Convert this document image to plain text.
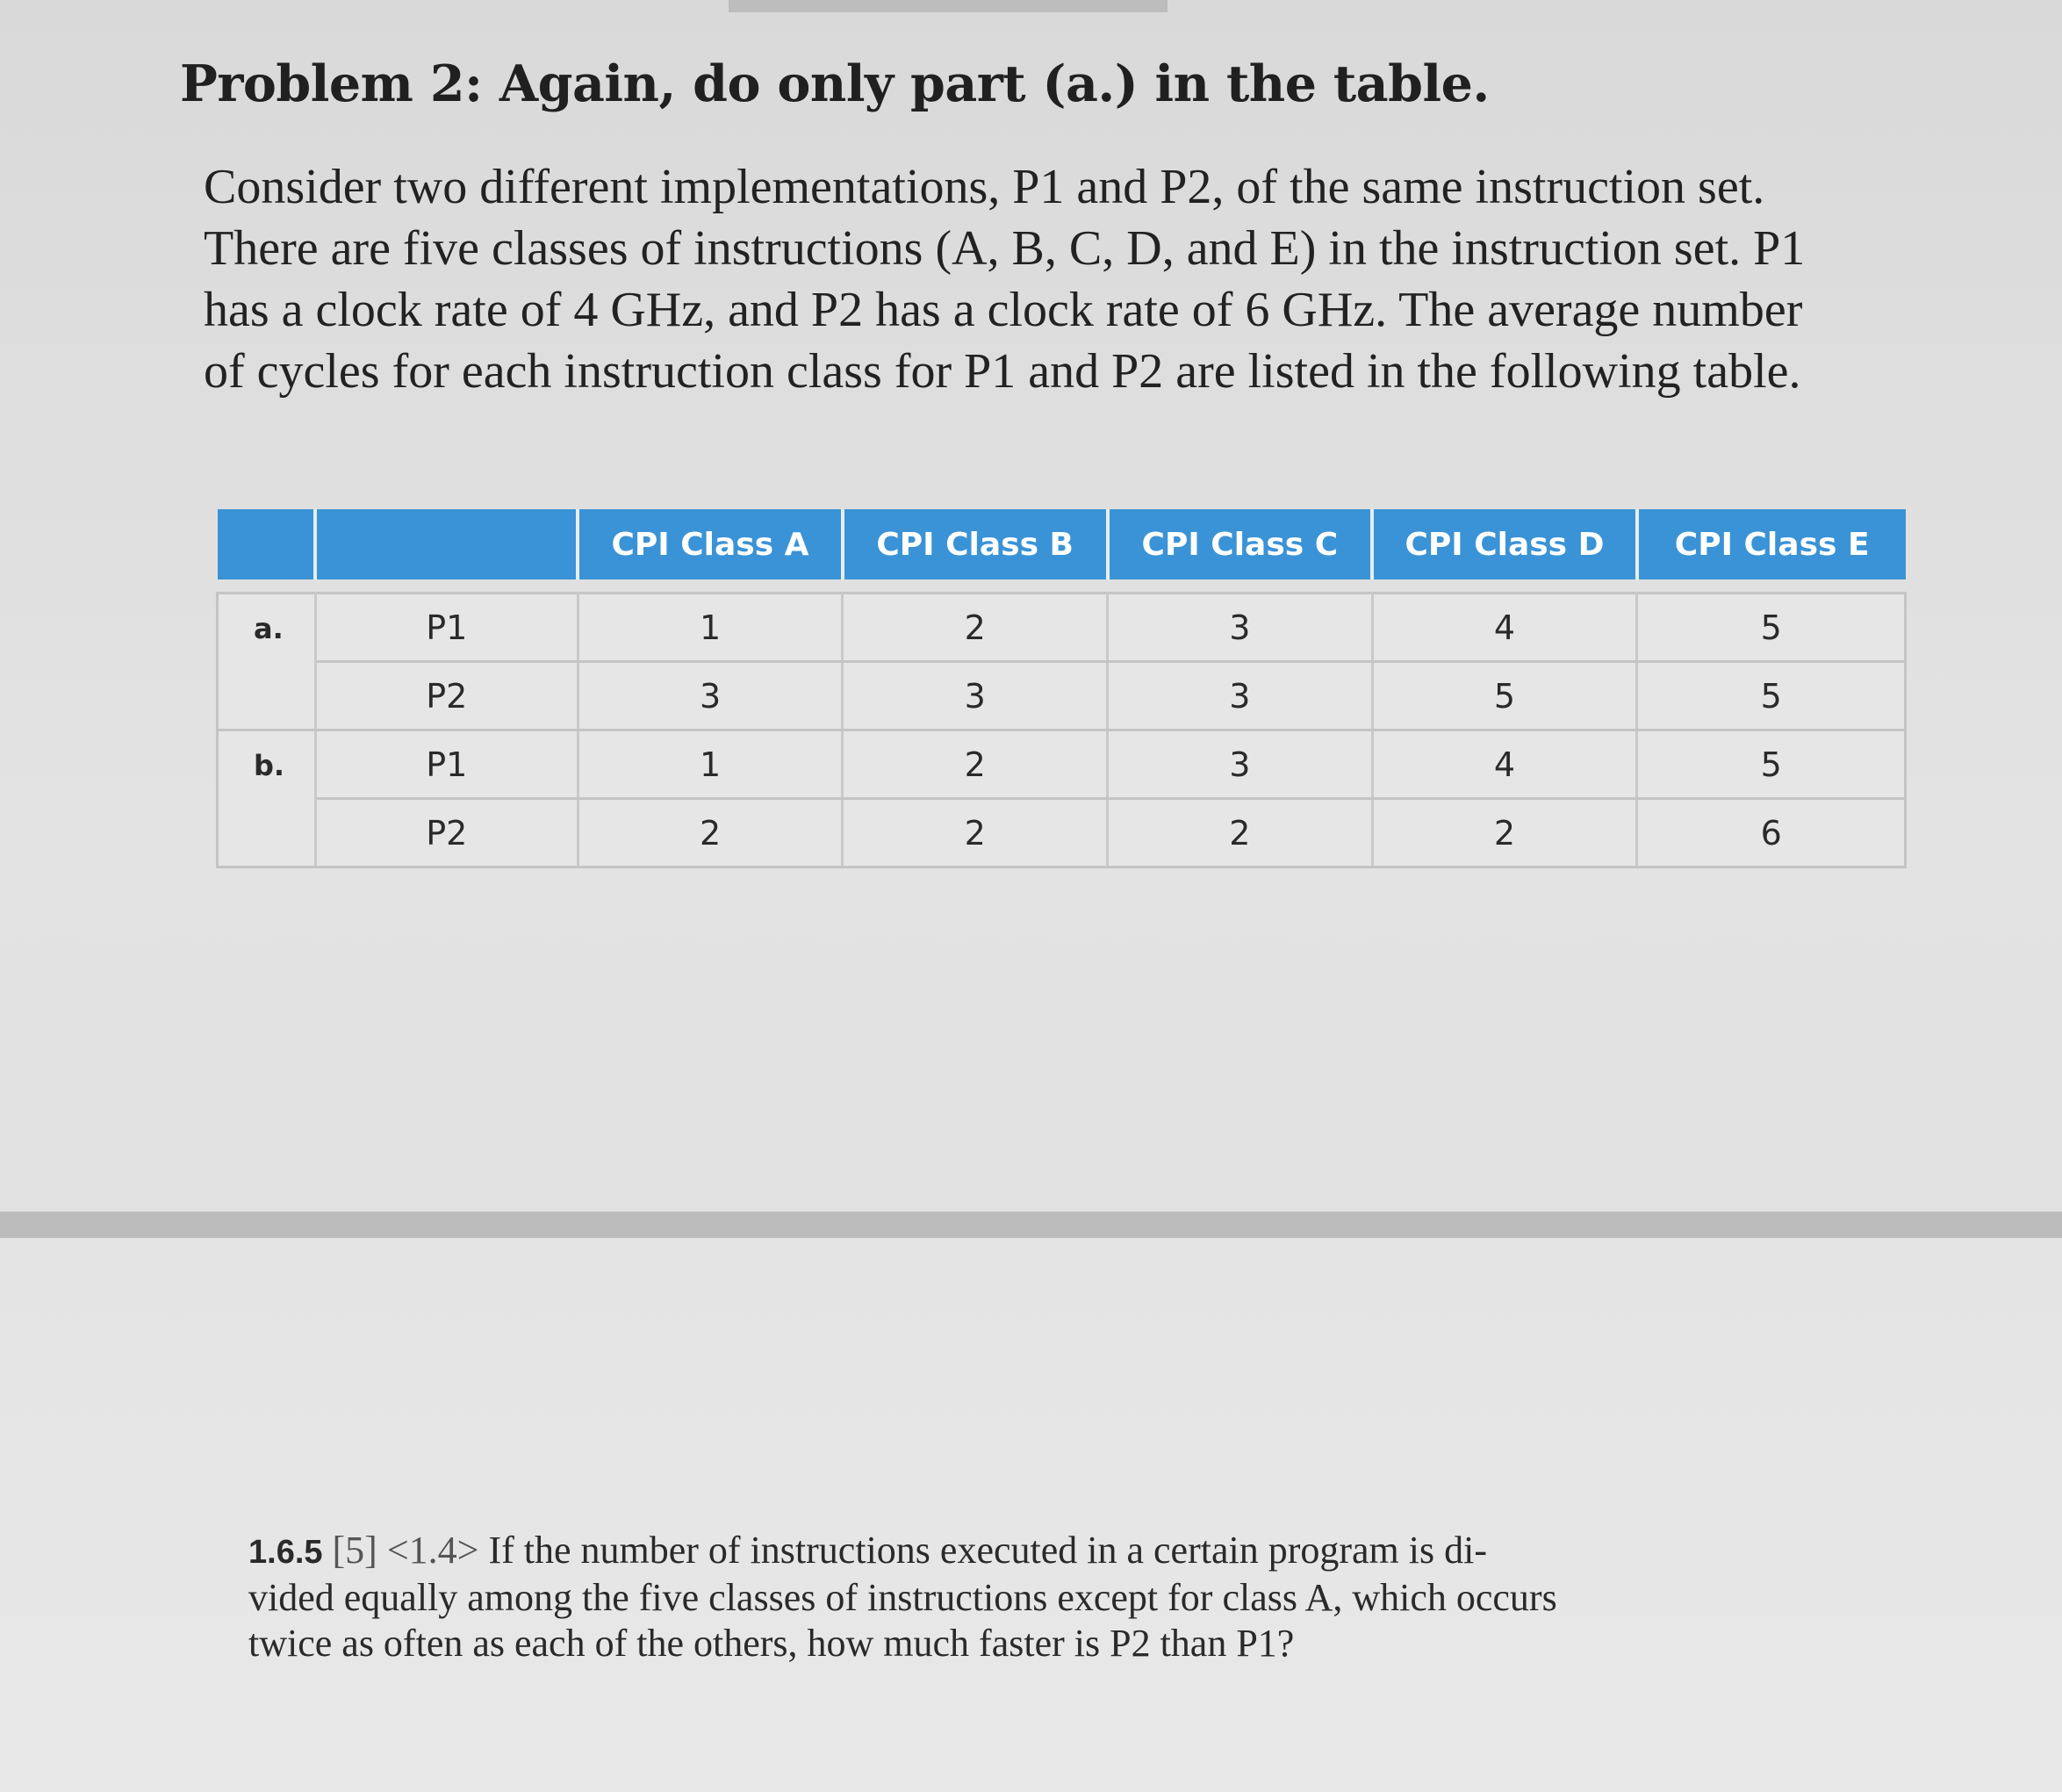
Problem 2: Again, do only part (a.) in the table.
Consider two different implementations, P1 and P2, of the same instruction set.
There are five classes of instructions (A, B, C, D, and E) in the instruction set. P1
has a clock rate of 4 GHz, and P2 has a clock rate of 6 GHz. The average number
of cycles for each instruction class for P1 and P2 are listed in the following table.
		CPI Class A	CPI Class B	CPI Class C	CPI Class D	CPI Class E

a.	P1	1	2	3	4	5
	P2	3	3	3	5	5
b.	P1	1	2	3	4	5
	P2	2	2	2	2	6
1.6.5 [5] <1.4> If the number of instructions executed in a certain program is di-
vided equally among the five classes of instructions except for class A, which occurs
twice as often as each of the others, how much faster is P2 than P1?
